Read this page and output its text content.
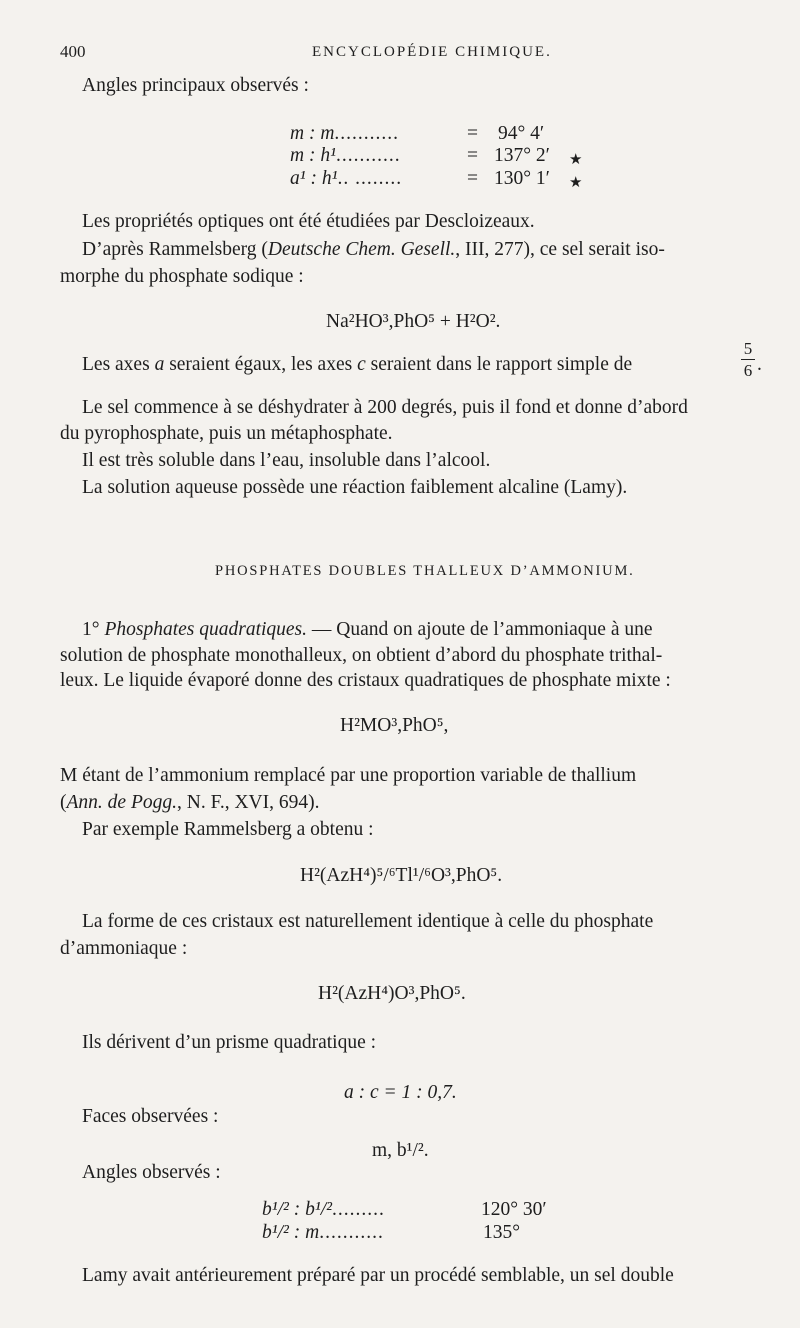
400	ENCYCLOPÉDIE CHIMIQUE.
Angles principaux observés :
m : m...........	= 94° 4′
m : h¹...........	= 137° 2′ ★
a¹ : h¹.. ........	= 130° 1′ ★
Les propriétés optiques ont été étudiées par Descloizeaux.
D’après Rammelsberg (Deutsche Chem. Gesell., III, 277), ce sel serait iso-
morphe du phosphate sodique :
Na²HO³,PhO⁵ + H²O².
Les axes a seraient égaux, les axes c seraient dans le rapport simple de
5
6 .
Le sel commence à se déshydrater à 200 degrés, puis il fond et donne d’abord
du pyrophosphate, puis un métaphosphate.
Il est très soluble dans l’eau, insoluble dans l’alcool.
La solution aqueuse possède une réaction faiblement alcaline (Lamy).
PHOSPHATES DOUBLES THALLEUX D’AMMONIUM.
1° Phosphates quadratiques. — Quand on ajoute de l’ammoniaque à une
solution de phosphate monothalleux, on obtient d’abord du phosphate trithal-
leux. Le liquide évaporé donne des cristaux quadratiques de phosphate mixte :
H²MO³,PhO⁵,
M étant de l’ammonium remplacé par une proportion variable de thallium
(Ann. de Pogg., N. F., XVI, 694).
Par exemple Rammelsberg a obtenu :
H²(AzH⁴)⁵/⁶Tl¹/⁶O³,PhO⁵.
La forme de ces cristaux est naturellement identique à celle du phosphate
d’ammoniaque :
H²(AzH⁴)O³,PhO⁵.
Ils dérivent d’un prisme quadratique :
a : c = 1 : 0,7.
Faces observées :
m, b¹/².
Angles observés :
b¹/² : b¹/².........	120° 30′
b¹/² : m...........	135°
Lamy avait antérieurement préparé par un procédé semblable, un sel double
